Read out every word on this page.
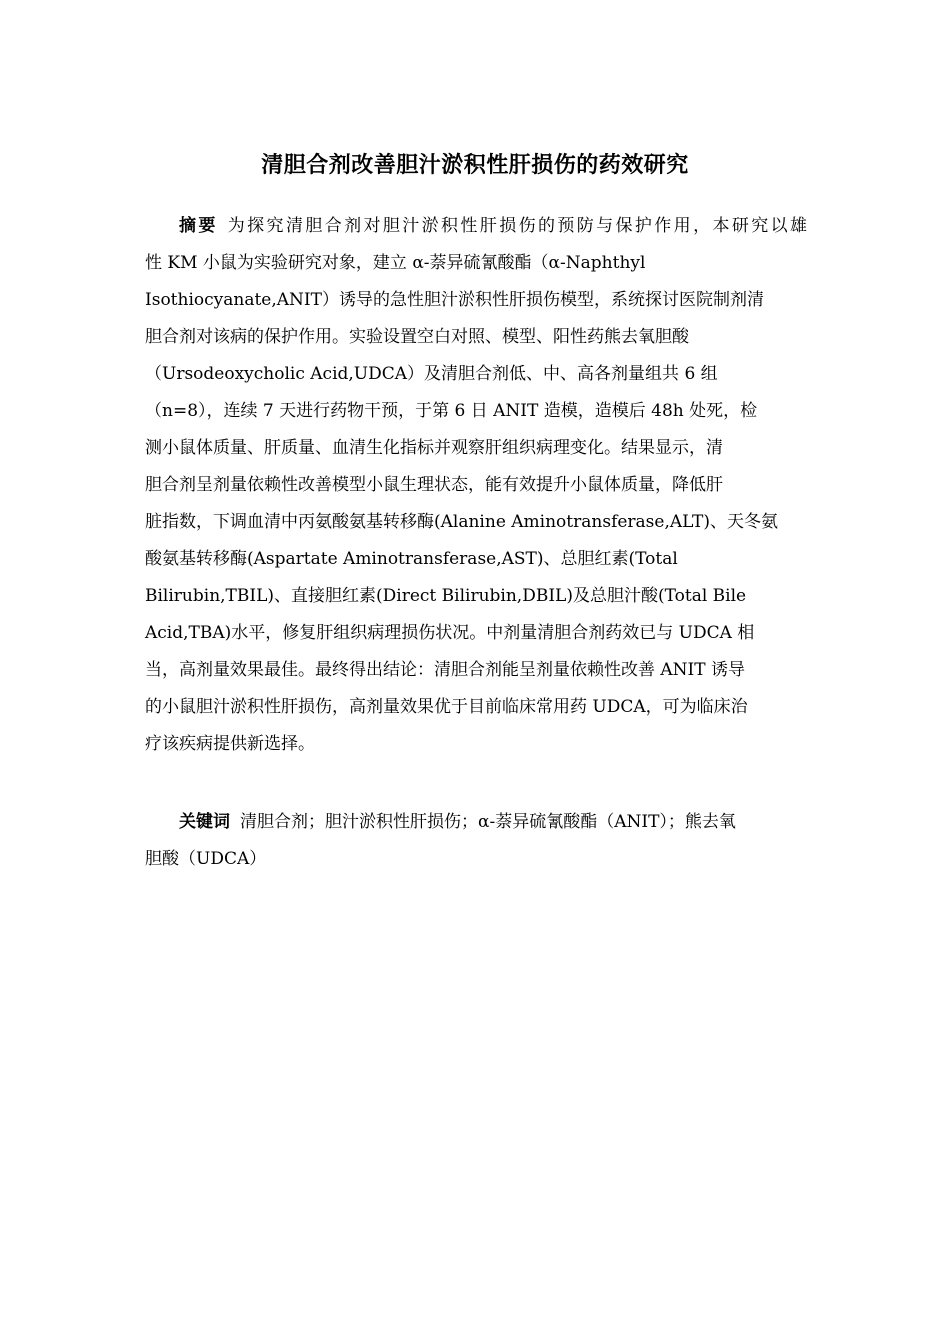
清胆合剂改善胆汁淤积性肝损伤的药效研究
摘要 为探究清胆合剂对胆汁淤积性肝损伤的预防与保护作用，本研究以雄
性 KM 小鼠为实验研究对象，建立 α-萘异硫氰酸酯（α-Naphthyl
Isothiocyanate,ANIT）诱导的急性胆汁淤积性肝损伤模型，系统探讨医院制剂清
胆合剂对该病的保护作用。实验设置空白对照、模型、阳性药熊去氧胆酸
（Ursodeoxycholic Acid,UDCA）及清胆合剂低、中、高各剂量组共 6 组
（n=8），连续 7 天进行药物干预，于第 6 日 ANIT 造模，造模后 48h 处死，检
测小鼠体质量、肝质量、血清生化指标并观察肝组织病理变化。结果显示，清
胆合剂呈剂量依赖性改善模型小鼠生理状态，能有效提升小鼠体质量，降低肝
脏指数，下调血清中丙氨酸氨基转移酶(Alanine Aminotransferase,ALT)、天冬氨
酸氨基转移酶(Aspartate Aminotransferase,AST)、总胆红素(Total
Bilirubin,TBIL)、直接胆红素(Direct Bilirubin,DBIL)及总胆汁酸(Total Bile
Acid,TBA)水平，修复肝组织病理损伤状况。中剂量清胆合剂药效已与 UDCA 相
当，高剂量效果最佳。最终得出结论：清胆合剂能呈剂量依赖性改善 ANIT 诱导
的小鼠胆汁淤积性肝损伤，高剂量效果优于目前临床常用药 UDCA，可为临床治
疗该疾病提供新选择。
关键词 清胆合剂；胆汁淤积性肝损伤；α-萘异硫氰酸酯（ANIT）；熊去氧
胆酸（UDCA）
